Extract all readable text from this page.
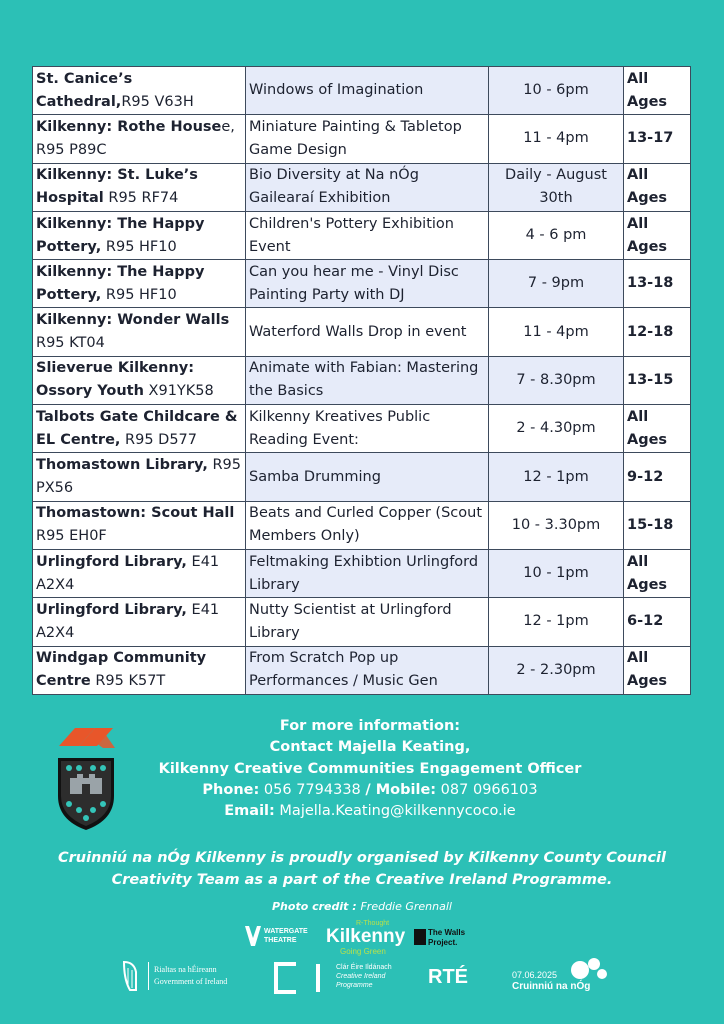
St. Canice’s Cathedral,R95 V63H	Windows of Imagination	10 - 6pm	All Ages
Kilkenny: Rothe Housee, R95 P89C	Miniature Painting & Tabletop Game Design	11 - 4pm	13-17
Kilkenny: St. Luke’s Hospital R95 RF74	Bio Diversity at Na nÓg Gailearaí Exhibition	Daily - August 30th	All Ages
Kilkenny: The Happy Pottery, R95 HF10	Children's Pottery Exhibition Event	4 - 6 pm	All Ages
Kilkenny: The Happy Pottery, R95 HF10	Can you hear me - Vinyl Disc Painting Party with DJ	7 - 9pm	13-18
Kilkenny: Wonder Walls R95 KT04	Waterford Walls Drop in event	11 - 4pm	12-18
Slieverue Kilkenny: Ossory Youth X91YK58	Animate with Fabian: Mastering the Basics	7 - 8.30pm	13-15
Talbots Gate Childcare & EL Centre, R95 D577	Kilkenny Kreatives Public Reading Event:	2 - 4.30pm	All Ages
Thomastown Library, R95 PX56	Samba Drumming	12 - 1pm	9-12
Thomastown: Scout Hall R95 EH0F	Beats and Curled Copper (Scout Members Only)	10 - 3.30pm	15-18
Urlingford Library, E41 A2X4	Feltmaking Exhibtion Urlingford Library	10 - 1pm	All Ages
Urlingford Library, E41 A2X4	Nutty Scientist at Urlingford Library	12 - 1pm	6-12
Windgap Community Centre R95 K57T	From Scratch Pop up Performances / Music Gen	2 - 2.30pm	All Ages
For more information:
Contact Majella Keating,
Kilkenny Creative Communities Engagement Officer
Phone: 056 7794338 / Mobile: 087 0966103
Email: Majella.Keating@kilkennycoco.ie
Cruinniú na nÓg Kilkenny is proudly organised by Kilkenny County Council Creativity Team as a part of the Creative Ireland Programme.
Photo credit : Freddie Grennall
WATERGATE
THEATRE
R-Thought
Kilkenny
Going Green
The Walls
Project.
Rialtas na hÉireann
Government of Ireland
Clár Éire Ildánach
Creative Ireland
Programme	RTÉ	07.06.2025
Cruinniú na nÓg
